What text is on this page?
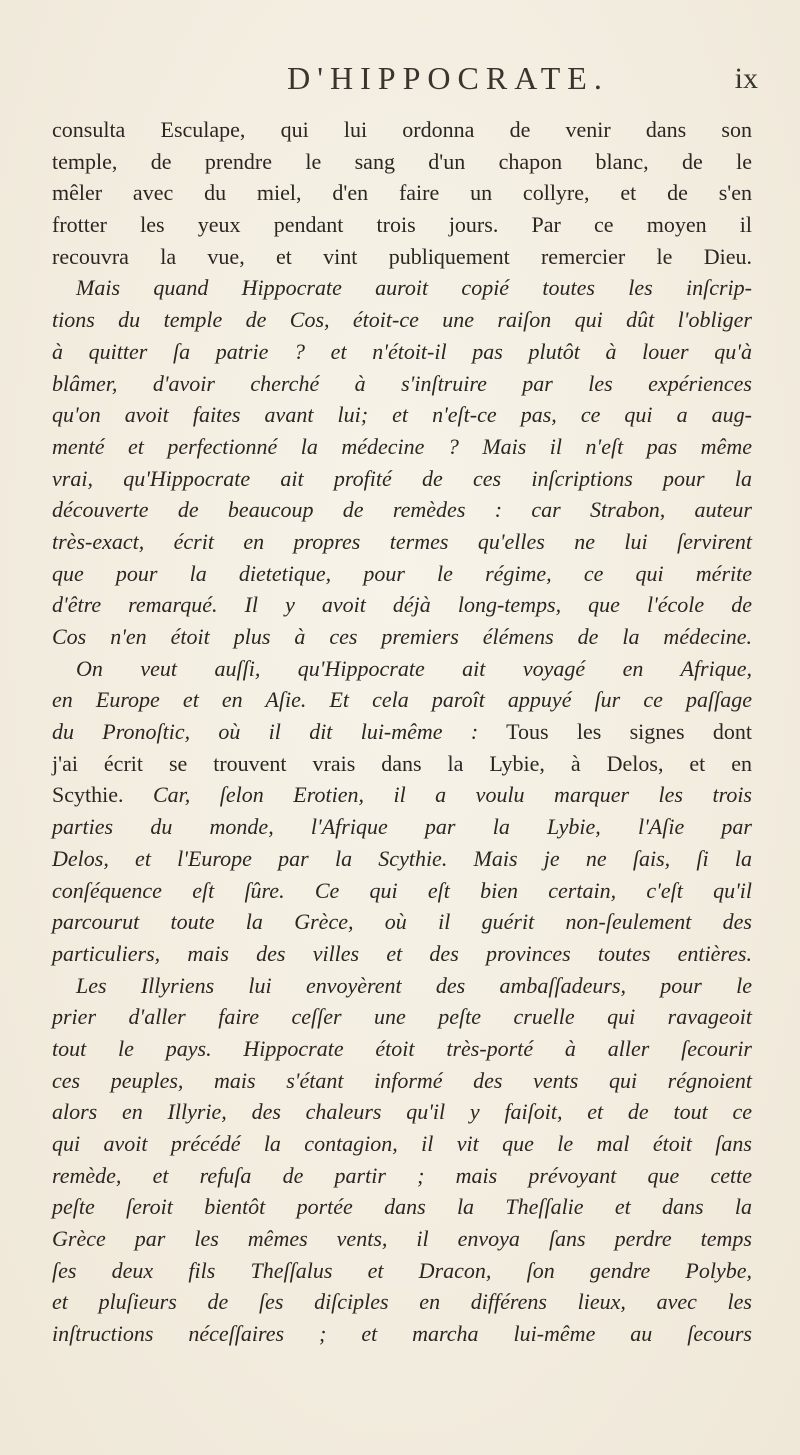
D'HIPPOCRATE.	ix
consulta Esculape, qui lui ordonna de venir dans son
temple, de prendre le sang d'un chapon blanc, de le
mêler avec du miel, d'en faire un collyre, et de s'en
frotter les yeux pendant trois jours. Par ce moyen il
recouvra la vue, et vint publiquement remercier le Dieu.
Mais quand Hippocrate auroit copié toutes les inſcrip-
tions du temple de Cos, étoit-ce une raiſon qui dût l'obliger
à quitter ſa patrie ? et n'étoit-il pas plutôt à louer qu'à
blâmer, d'avoir cherché à s'inſtruire par les expériences
qu'on avoit faites avant lui; et n'eſt-ce pas, ce qui a aug-
menté et perfectionné la médecine ? Mais il n'eſt pas même
vrai, qu'Hippocrate ait profité de ces inſcriptions pour la
découverte de beaucoup de remèdes : car Strabon, auteur
très-exact, écrit en propres termes qu'elles ne lui ſervirent
que pour la dietetique, pour le régime, ce qui mérite
d'être remarqué. Il y avoit déjà long-temps, que l'école de
Cos n'en étoit plus à ces premiers élémens de la médecine.
On veut auſſi, qu'Hippocrate ait voyagé en Afrique,
en Europe et en Aſie. Et cela paroît appuyé ſur ce paſſage
du Pronoſtic, où il dit lui-même : Tous les signes dont
j'ai écrit se trouvent vrais dans la Lybie, à Delos, et en
Scythie. Car, ſelon Erotien, il a voulu marquer les trois
parties du monde, l'Afrique par la Lybie, l'Aſie par
Delos, et l'Europe par la Scythie. Mais je ne ſais, ſi la
conſéquence eſt ſûre. Ce qui eſt bien certain, c'eſt qu'il
parcourut toute la Grèce, où il guérit non-ſeulement des
particuliers, mais des villes et des provinces toutes entières.
Les Illyriens lui envoyèrent des ambaſſadeurs, pour le
prier d'aller faire ceſſer une peſte cruelle qui ravageoit
tout le pays. Hippocrate étoit très-porté à aller ſecourir
ces peuples, mais s'étant informé des vents qui régnoient
alors en Illyrie, des chaleurs qu'il y faiſoit, et de tout ce
qui avoit précédé la contagion, il vit que le mal étoit ſans
remède, et refuſa de partir ; mais prévoyant que cette
peſte ſeroit bientôt portée dans la Theſſalie et dans la
Grèce par les mêmes vents, il envoya ſans perdre temps
ſes deux fils Theſſalus et Dracon, ſon gendre Polybe,
et pluſieurs de ſes diſciples en différens lieux, avec les
inſtructions néceſſaires ; et marcha lui-même au ſecours
